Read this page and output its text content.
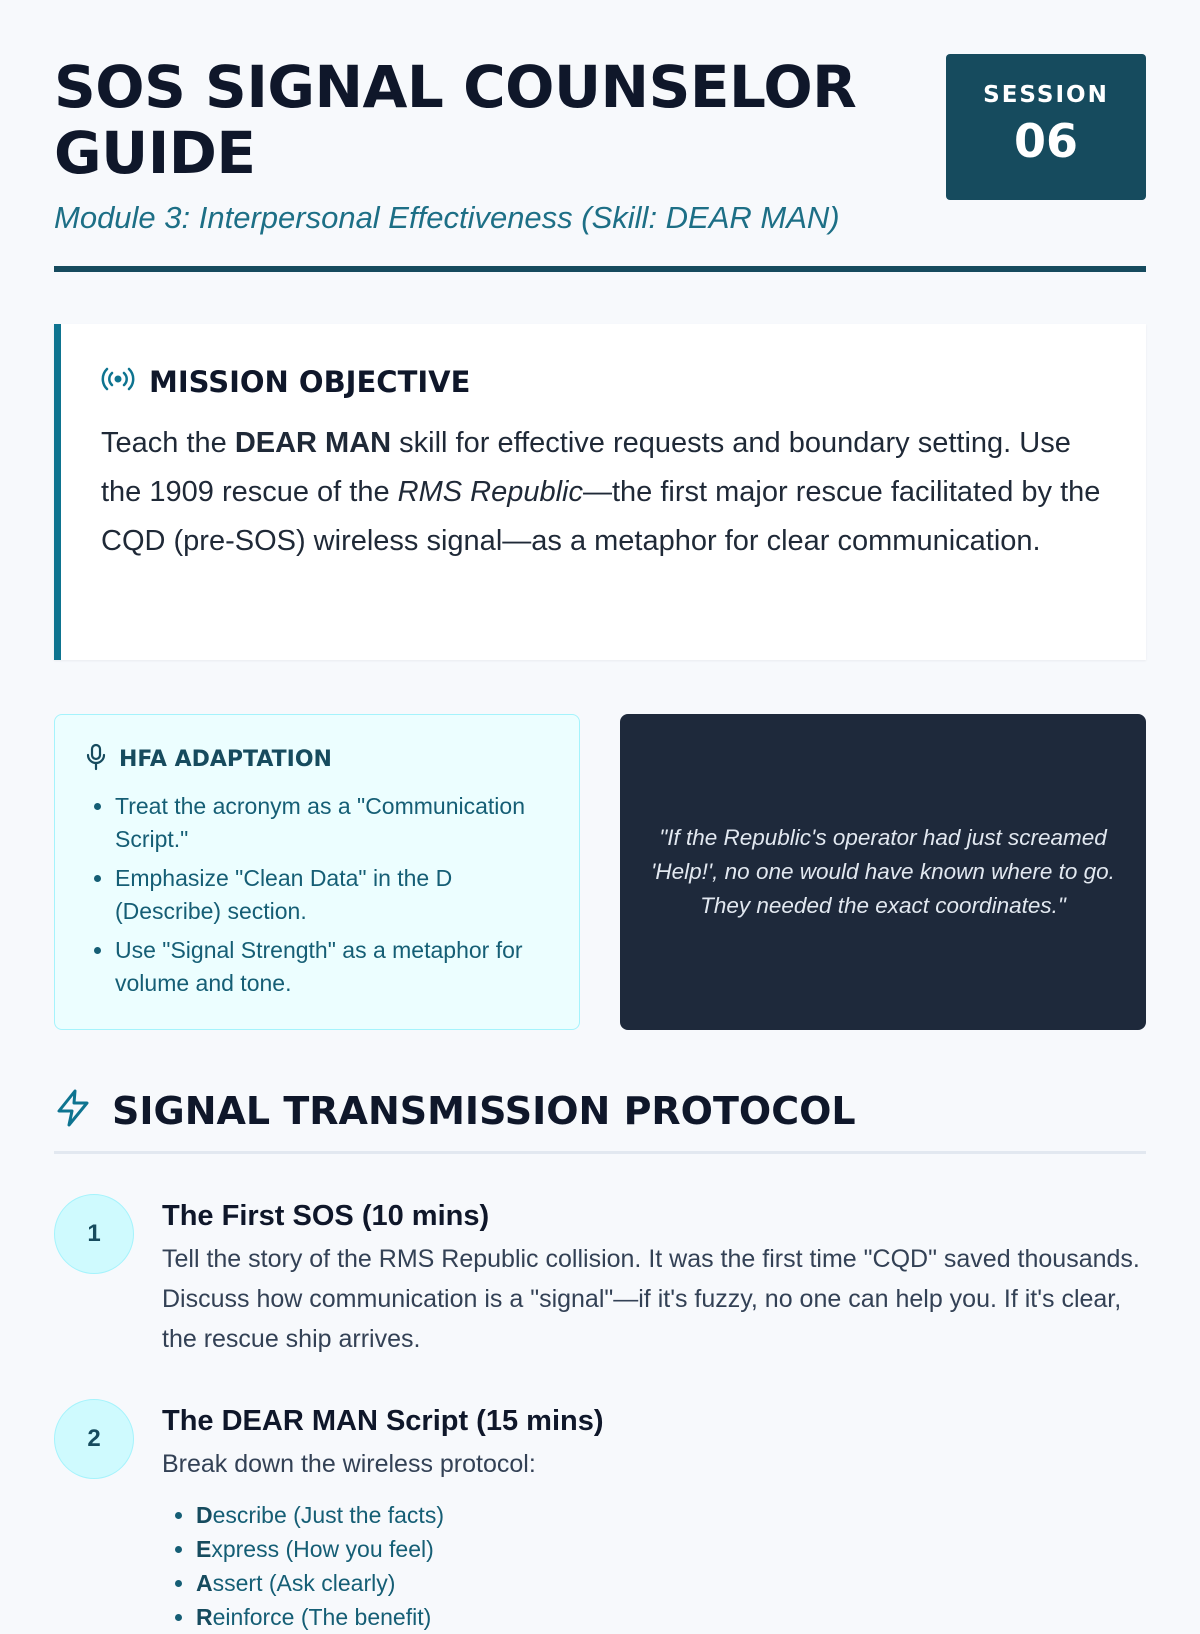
SOS SIGNAL COUNSELOR
GUIDE
Module 3: Interpersonal Effectiveness (Skill: DEAR MAN)
SESSION
06
MISSION OBJECTIVE
Teach the DEAR MAN skill for effective requests and boundary setting. Use the 1909 rescue of the RMS Republic—the first major rescue facilitated by the CQD (pre-SOS) wireless signal—as a metaphor for clear communication.
HFA ADAPTATION
• Treat the acronym as a "Communication Script."
• Emphasize "Clean Data" in the D (Describe) section.
• Use "Signal Strength" as a metaphor for volume and tone.
"If the Republic's operator had just screamed 'Help!', no one would have known where to go. They needed the exact coordinates."
SIGNAL TRANSMISSION PROTOCOL
1
The First SOS (10 mins)
Tell the story of the RMS Republic collision. It was the first time "CQD" saved thousands. Discuss how communication is a "signal"—if it's fuzzy, no one can help you. If it's clear, the rescue ship arrives.
2
The DEAR MAN Script (15 mins)
Break down the wireless protocol:
• Describe (Just the facts)
• Express (How you feel)
• Assert (Ask clearly)
• Reinforce (The benefit)
